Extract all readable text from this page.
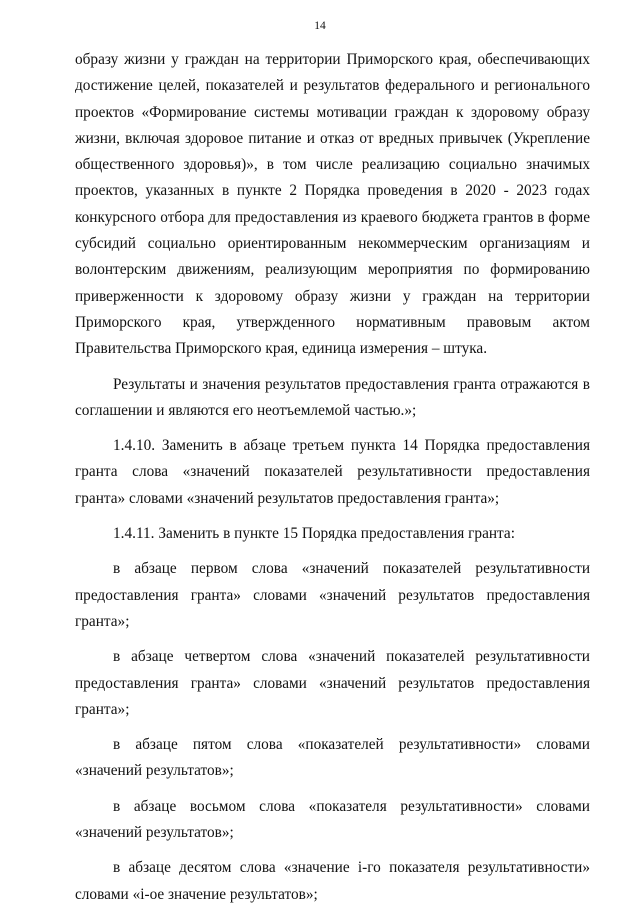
14

образу жизни у граждан на территории Приморского края, обеспечивающих достижение целей, показателей и результатов федерального и регионального проектов «Формирование системы мотивации граждан к здоровому образу жизни, включая здоровое питание и отказ от вредных привычек (Укрепление общественного здоровья)», в том числе реализацию социально значимых проектов, указанных в пункте 2 Порядка проведения в 2020 - 2023 годах конкурсного отбора для предоставления из краевого бюджета грантов в форме субсидий социально ориентированным некоммерческим организациям и волонтерским движениям, реализующим мероприятия по формированию приверженности к здоровому образу жизни у граждан на территории Приморского края, утвержденного нормативным правовым актом Правительства Приморского края, единица измерения – штука.

Результаты и значения результатов предоставления гранта отражаются в соглашении и являются его неотъемлемой частью.»;

1.4.10. Заменить в абзаце третьем пункта 14 Порядка предоставления гранта слова «значений показателей результативности предоставления гранта» словами «значений результатов предоставления гранта»;

1.4.11. Заменить в пункте 15 Порядка предоставления гранта:

в абзаце первом слова «значений показателей результативности предоставления гранта» словами «значений результатов предоставления гранта»;

в абзаце четвертом слова «значений показателей результативности предоставления гранта» словами «значений результатов предоставления гранта»;

в абзаце пятом слова «показателей результативности» словами «значений результатов»;

в абзаце восьмом слова «показателя результативности» словами «значений результатов»;

в абзаце десятом слова «значение i-го показателя результативности» словами «i-ое значение результатов»;
